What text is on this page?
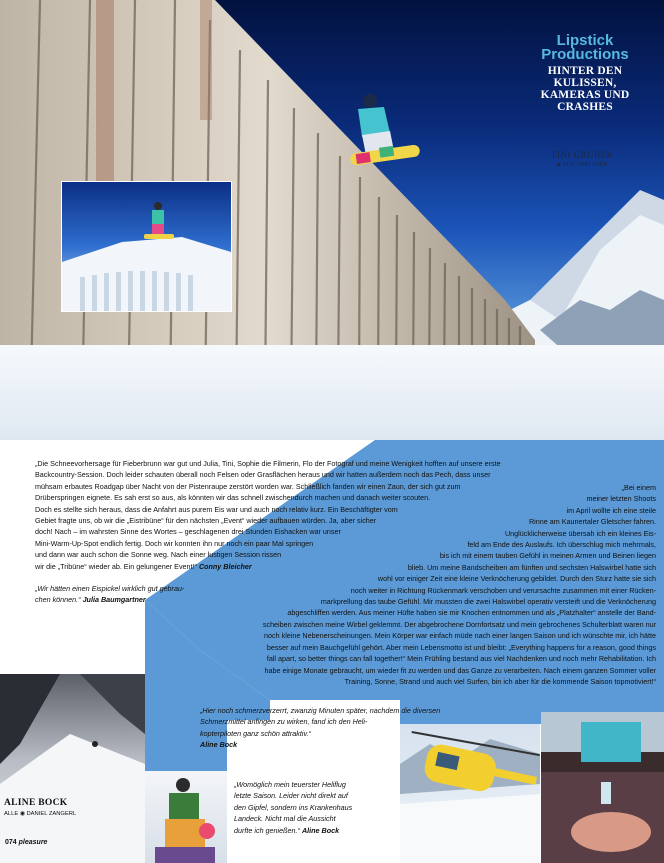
Lipstick
Productions
HINTER DEN
KULISSEN,
KAMERAS UND
CRASHES
TINI GRUBER
◉ FLO TRATTNER
„Die Schneevorhersage für Fieberbrunn war gut und Julia, Tini, Sophie die Filmerin, Flo der Fotograf und meine Wenigkeit hofften auf unsere erste
Backcountry-Session. Doch leider schauten überall noch Felsen oder Grasflächen heraus und wir hatten außerdem noch das Pech, dass unser
mühsam erbautes Roadgap über Nacht von der Pistenraupe zerstört worden war. Schließlich fanden wir einen Zaun, der sich gut zum
Drüberspringen eignete. Es sah erst so aus, als könnten wir das schnell zwischendurch machen und danach weiter scouten.
Doch es stellte sich heraus, dass die Anfahrt aus purem Eis war und auch noch relativ kurz. Ein Beschäftigter vom
Gebiet fragte uns, ob wir die „Eistribüne“ für den nächsten „Event“ wieder aufbauen würden. Ja, aber sicher
doch! Nach – im wahrsten Sinne des Wortes – geschlagenen drei Stunden Eishacken war unser
Mini-Warm-Up-Spot endlich fertig. Doch wir konnten ihn nur noch ein paar Mal springen
und dann war auch schon die Sonne weg. Nach einer lustigen Session rissen
wir die „Tribüne“ wieder ab. Ein gelungener Event!“ Conny Bleicher
„Wir hätten einen Eispickel wirklich gut gebrau-
chen können.“ Julia Baumgartner
„Bei einem
meiner letzten Shoots
im April wollte ich eine steile
Rinne am Kaunertaler Gletscher fahren.
Unglücklicherweise übersah ich ein kleines Eis-
feld am Ende des Auslaufs. Ich überschlug mich mehrmals,
bis ich mit einem tauben Gefühl in meinen Armen und Beinen liegen
blieb. Um meine Bandscheiben am fünften und sechsten Halswirbel hatte sich
wohl vor einiger Zeit eine kleine Verknöcherung gebildet. Durch den Sturz hatte sie sich
noch weiter in Richtung Rückenmark verschoben und verursachte zusammen mit einer Rücken-
markprellung das taube Gefühl. Mir mussten die zwei Halswirbel operativ versteift und die Verknöcherung
abgeschliffen werden. Aus meiner Hüfte haben sie mir Knochen entnommen und als „Platzhalter“ anstelle der Band-
scheiben zwischen meine Wirbel geklemmt. Der abgebrochene Dornfortsatz und mein gebrochenes Schulterblatt waren nur
noch kleine Nebenerscheinungen. Mein Körper war einfach müde nach einer langen Saison und ich wünschte mir, ich hätte
besser auf mein Bauchgefühl gehört. Aber mein Lebensmotto ist und bleibt: „Everything happens for a reason, good things
fall apart, so better things can fall together!“ Mein Frühling bestand aus viel Nachdenken und noch mehr Rehabilitation. Ich
habe einige Monate gebraucht, um wieder fit zu werden und das Ganze zu verarbeiten. Nach einem ganzen Sommer voller
Training, Sonne, Strand und auch viel Surfen, bin ich aber für die kommende Saison topmotiviert!“
„Hier noch schmerzverzerrt, zwanzig Minuten später, nachdem die diversen
Schmerzmittel anfingen zu wirken, fand ich den Heli-
kopterpiloten ganz schön attraktiv.“
Aline Bock
ALINE BOCK
ALLE ◉ DANIEL ZANGERL
074 pleasure
„Womöglich mein teuerster Heliflug
letzte Saison. Leider nicht direkt auf
den Gipfel, sondern ins Krankenhaus
Landeck. Nicht mal die Aussicht
durfte ich genießen.“ Aline Bock
